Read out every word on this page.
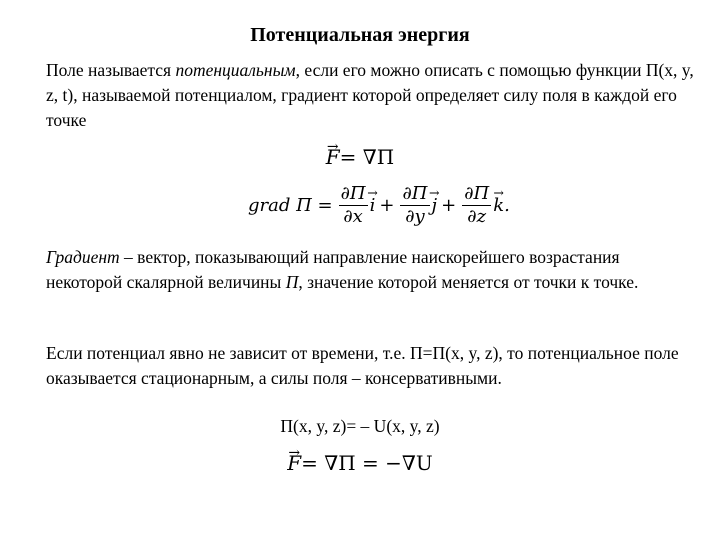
Потенциальная энергия
Поле называется потенциальным, если его можно описать с помощью функции П(x, y, z, t), называемой потенциалом, градиент которой определяет силу поля в каждой его точке
→ F= ∇П
grad $П = \frac{\partial П}{\partial x}$
→ $i + \frac{\partial П}{\partial y}$
→ $j + \frac{\partial П}{\partial z}$
→ k .
Градиент – вектор, показывающий направление наискорейшего возрастания некоторой скалярной величины П, значение которой меняется от точки к точке.
Если потенциал явно не зависит от времени, т.е. П=П(x, y, z), то потенциальное поле оказывается стационарным, а силы поля – консервативными.
П(x, y, z)= – U(x, y, z)
→ F= ∇П = −∇U
